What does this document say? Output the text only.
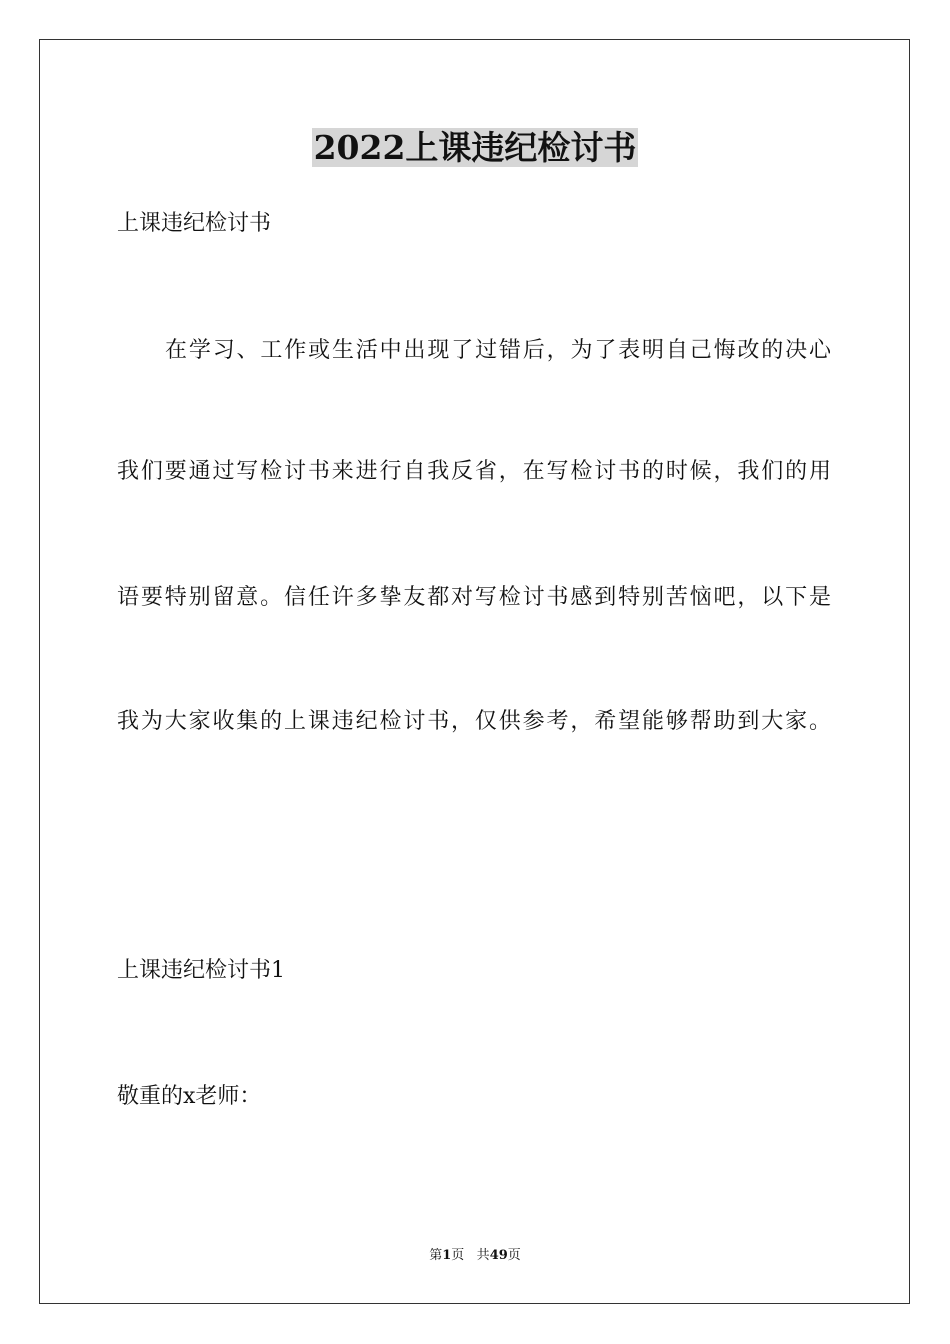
2022上课违纪检讨书
上课违纪检讨书
在学习、工作或生活中出现了过错后，为了表明自己悔改的决心
我们要通过写检讨书来进行自我反省，在写检讨书的时候，我们的用
语要特别留意。信任许多挚友都对写检讨书感到特别苦恼吧，以下是
我为大家收集的上课违纪检讨书，仅供参考，希望能够帮助到大家。
上课违纪检讨书1
敬重的x老师：
第1页 共49页
